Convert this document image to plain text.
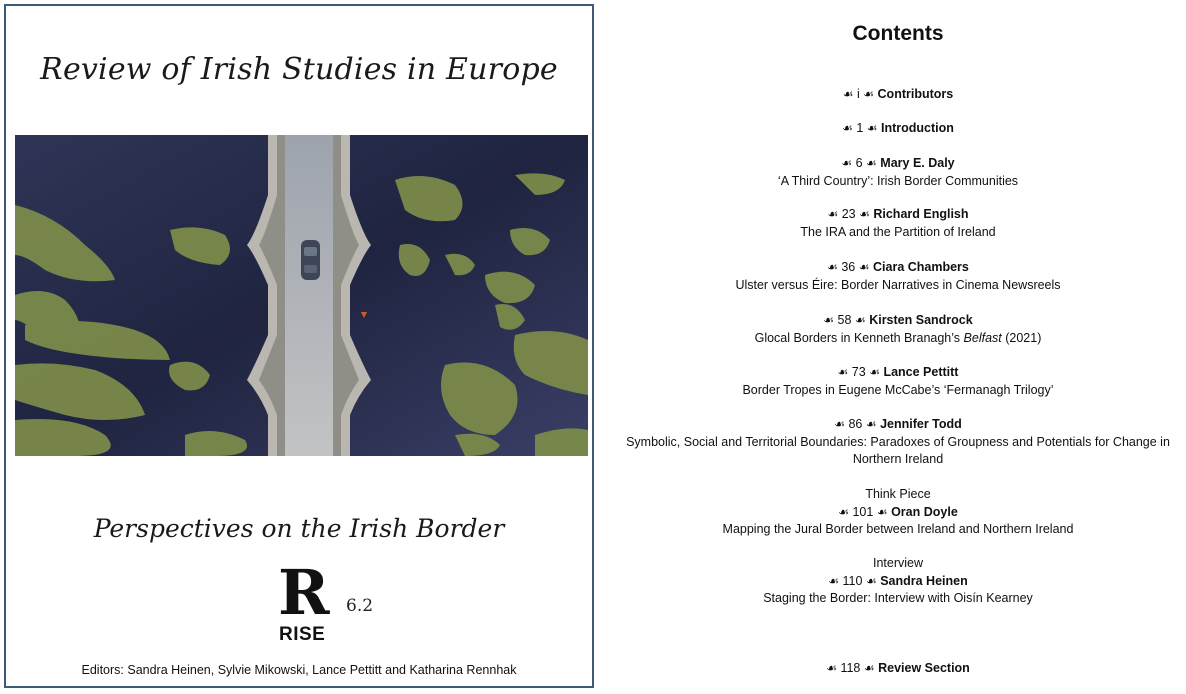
Review of Irish Studies in Europe
Perspectives on the Irish Border
R
RISE
6.2
Editors: Sandra Heinen, Sylvie Mikowski, Lance Pettitt and Katharina Rennhak
Contents
☙ i ☙ Contributors
☙ 1 ☙ Introduction
☙ 6 ☙ Mary E. Daly
‘A Third Country’: Irish Border Communities
☙ 23 ☙ Richard English
The IRA and the Partition of Ireland
☙ 36 ☙ Ciara Chambers
Ulster versus Éire: Border Narratives in Cinema Newsreels
☙ 58 ☙ Kirsten Sandrock
Glocal Borders in Kenneth Branagh’s Belfast (2021)
☙ 73 ☙ Lance Pettitt
Border Tropes in Eugene McCabe’s ‘Fermanagh Trilogy’
☙ 86 ☙ Jennifer Todd
Symbolic, Social and Territorial Boundaries: Paradoxes of Groupness and Potentials for Change in Northern Ireland
Think Piece
☙ 101 ☙ Oran Doyle
Mapping the Jural Border between Ireland and Northern Ireland
Interview
☙ 110 ☙ Sandra Heinen
Staging the Border: Interview with Oisín Kearney
☙ 118 ☙ Review Section
